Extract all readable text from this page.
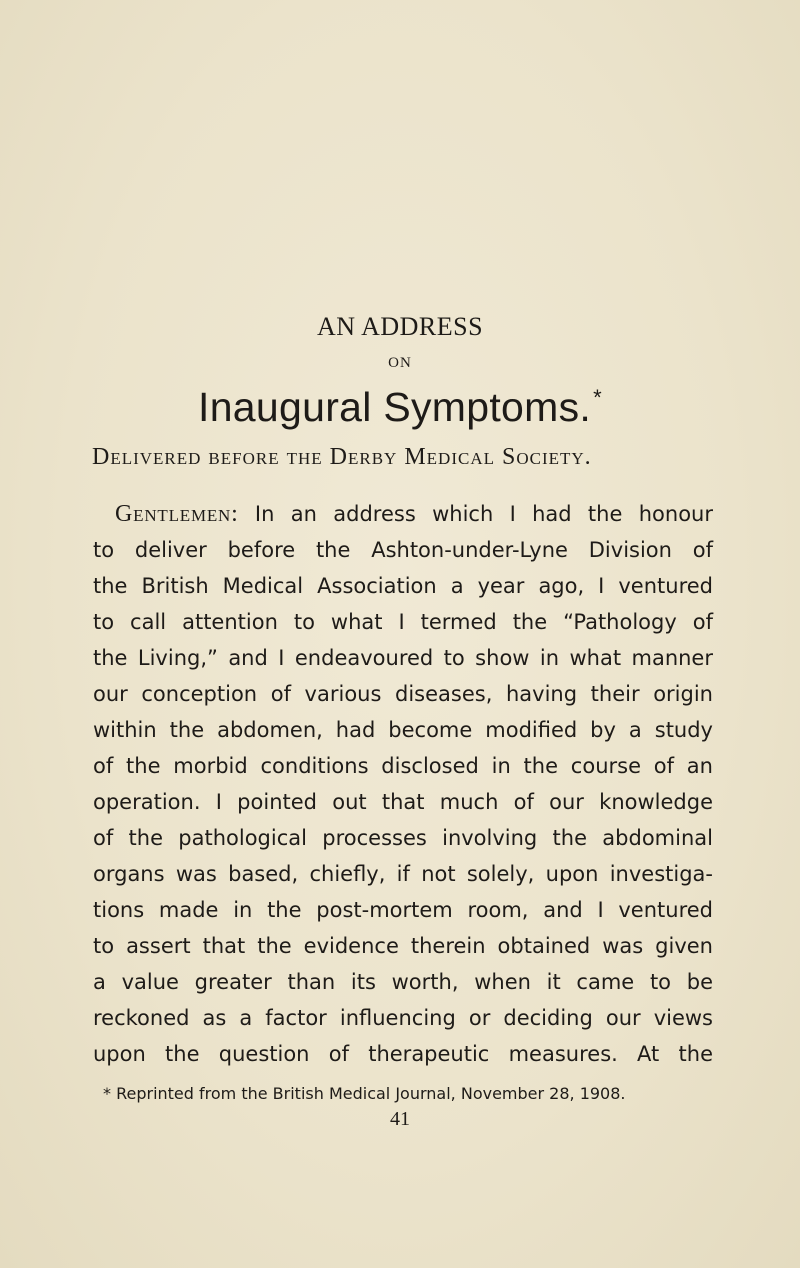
AN ADDRESS
ON
Inaugural Symptoms.*
Delivered before the Derby Medical Society.
Gentlemen: In an address which I had the honour
to deliver before the Ashton-under-Lyne Division of
the British Medical Association a year ago, I ventured
to call attention to what I termed the “Pathology of
the Living,” and I endeavoured to show in what manner
our conception of various diseases, having their origin
within the abdomen, had become modified by a study
of the morbid conditions disclosed in the course of an
operation. I pointed out that much of our knowledge
of the pathological processes involving the abdominal
organs was based, chiefly, if not solely, upon investiga-
tions made in the post-mortem room, and I ventured
to assert that the evidence therein obtained was given
a value greater than its worth, when it came to be
reckoned as a factor influencing or deciding our views
upon the question of therapeutic measures. At the
* Reprinted from the British Medical Journal, November 28, 1908.
41
